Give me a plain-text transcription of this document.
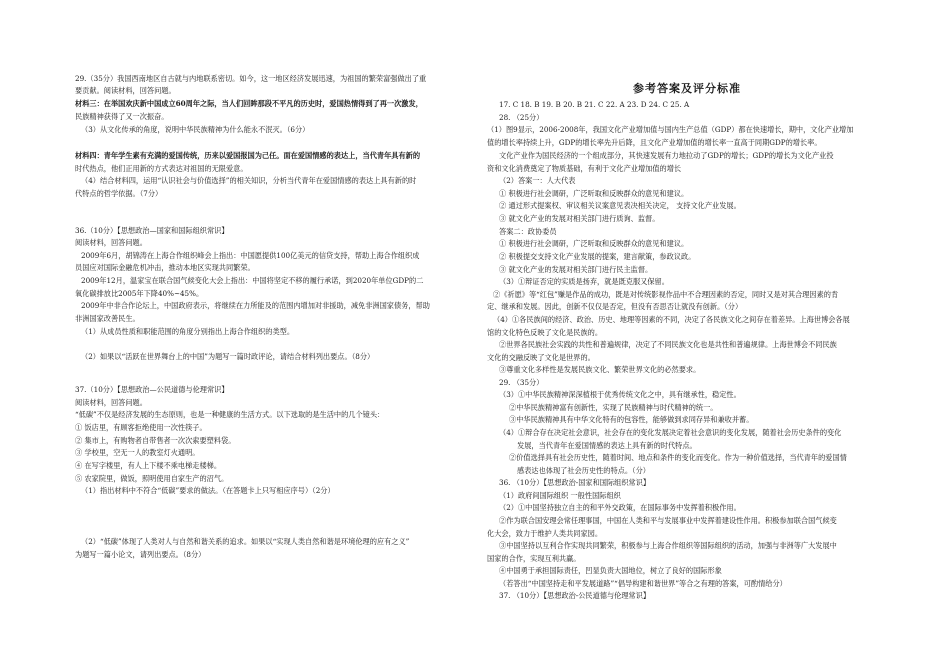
29.（35分）我国西南地区自古就与内地联系密切。如今，这一地区经济发展迅速，为祖国的繁荣富强做出了重
要贡献。阅读材料，回答问题。
材料三：在举国欢庆新中国成立60周年之际，当人们回眸那段不平凡的历史时，爱国热情得到了再一次激发，
民族精神获得了又一次振奋。
（3）从文化传承的角度，说明中华民族精神为什么能永不泯灭。（6分）
材料四：青年学生素有充满的爱国传统，历来以爱国报国为己任。面在爱国情感的表达上，当代青年具有新的
时代热点，他们正用新的方式表达对祖国的无限爱意。
（4）结合材料四，运用“认识社会与价值选择”的相关知识，分析当代青年在爱国情感的表达上具有新的时
代特点的哲学依据。（7分）
36.（10分）【思想政治—国家和国际组织常识】
阅读材料，回答问题。
2009年6月，胡锦涛在上海合作组织峰会上指出：中国愿提供100亿美元的信贷支持，帮助上海合作组织成
员国应对国际金融危机冲击，推动本地区实现共同繁荣。
2009年12月，温家宝在联合国气候变化大会上指出：中国将坚定不移的履行承诺，到2020年单位GDP的二
氧化碳排放比2005年下降40%~45%。
2009年中非合作论坛上，中国政府表示，将继续在力所能及的范围内增加对非援助，减免非洲国家债务，帮助
非洲国家改善民生。
（1）从成员性质和职能范围的角度分别指出上海合作组织的类型。
（2）如果以“活跃在世界舞台上的中国”为题写一篇时政评论，请结合材料列出要点。（8分）
37.（10分）【思想政治—公民道德与伦理常识】
阅读材料，回答问题。
“低碳”不仅是经济发展的生态原则，也是一种健康的生活方式。以下选取的是生活中的几个镜头：
① 饭店里，有顾客拒绝使用一次性筷子。
② 集市上，有购物者自带售者一次次索要塑料袋。
③ 学校里，空无一人的教室灯火通明。
④ 在写字楼里，有人上下楼不乘电梯走楼梯。
⑤ 农家院里，做饭，照明使用自家生产的沼气。
（1）指出材料中不符合“低碳”要求的做法。（在答题卡上只写相应序号）（2分）
（2）“低碳”体现了人类对人与自然和谐关系的追求。如果以“实现人类自然和谐是环境伦理的应有之义”
为题写一篇小论文，请列出要点。（8分）
参考答案及评分标准
17. C 18. B 19. B 20. B 21. C 22. A 23. D 24. C 25. A
28. （25分）
（1）图9显示，2006-2008年，我国文化产业增加值与国内生产总值（GDP）都在快速增长，期中，文化产业增加
值的增长率持续上升，GDP的增长率先升后降，且文化产业增加值的增长率一直高于同期GDP的增长率。
文化产业作为国民经济的一个组成部分，其快速发展有力地拉动了GDP的增长；GDP的增长为文化产业投
资和文化消费奠定了物质基础，有利于文化产业增加值的增长
（2）答案一：人大代表
① 积极进行社会调研，广泛听取和反映群众的意见和建议。
② 通过形式提案权、审议相关议案意见表决相关决定， 支持文化产业发展。
③ 就文化产业的发展对相关部门进行质询、监督。
答案二：政协委员
① 积极进行社会调研，广泛听取和反映群众的意见和建议。
② 积极提交支持文化产业发展的提案，建言献策，参政议政。
③ 就文化产业的发展对相关部门进行民主监督。
（3）①辩证否定的实质是扬弃，就是既克服又保留。
②《祈愿》等“红包”赚是作品的成功，既是对传统影视作品中不合理因素的否定，同时又是对其合理因素的肯
定、继承和发展。因此，创新不仅仅是否定，但没有否思否让就没有创新。（分）
（4）①各民族间的经济、政治、历史、地理等因素的不同，决定了各民族文化之间存在着差异。上海世博会各展
馆的文化特色反映了文化是民族的。
②世界各民族社会实践的共性和普遍规律，决定了不同民族文化也是共性和普遍规律。上海世博会不同民族
文化的交融反映了文化是世界的。
③尊重文化多样性是发展民族文化、繁荣世界文化的必然要求。
29. （35分）
（3）①中华民族精神深深植根于优秀传统文化之中，具有继承性，稳定性。
②中华民族精神富有创新性，实现了民族精神与时代精神的统一。
③中华民族精神具有中华文化特有的包容性，能够做到求同存异和兼收并蓄。
（4）①辩合存在决定社会意识，社会存在的变化发展决定着社会意识的变化发展，随着社会历史条件的变化
发展，当代青年在爱国情感的表达上具有新的时代特点。
②价值选择具有社会历史性，随着时间、地点和条件的变化而变化。作为一种价值选择，当代青年的爱国情
感表达也体现了社会历史性的特点。（分）
36. （10分）【思想政治-国家和国际组织常识】
（1）政府间国际组织 一般性国际组织
（2）①中国坚持独立自主的和平外交政策，在国际事务中发挥着积极作用。
②作为联合国安理会常任理事国，中国在人类和平与发展事业中发挥着建设性作用。积极参加联合国气候变
化大会，致力于维护人类共同家园。
③中国坚持以互利合作实现共同繁荣，积极参与上海合作组织等国际组织的活动，加强与非洲等广大发展中
国家的合作，实现互利共赢。
④中国勇于承担国际责任，凹显负责大国地位，树立了良好的国际形象
（若答出“中国坚持走和平发展道路”“倡导构建和谐世界”等合之有理的答案，可酌情给分）
37. （10分）【思想政治-公民道德与伦理常识】
